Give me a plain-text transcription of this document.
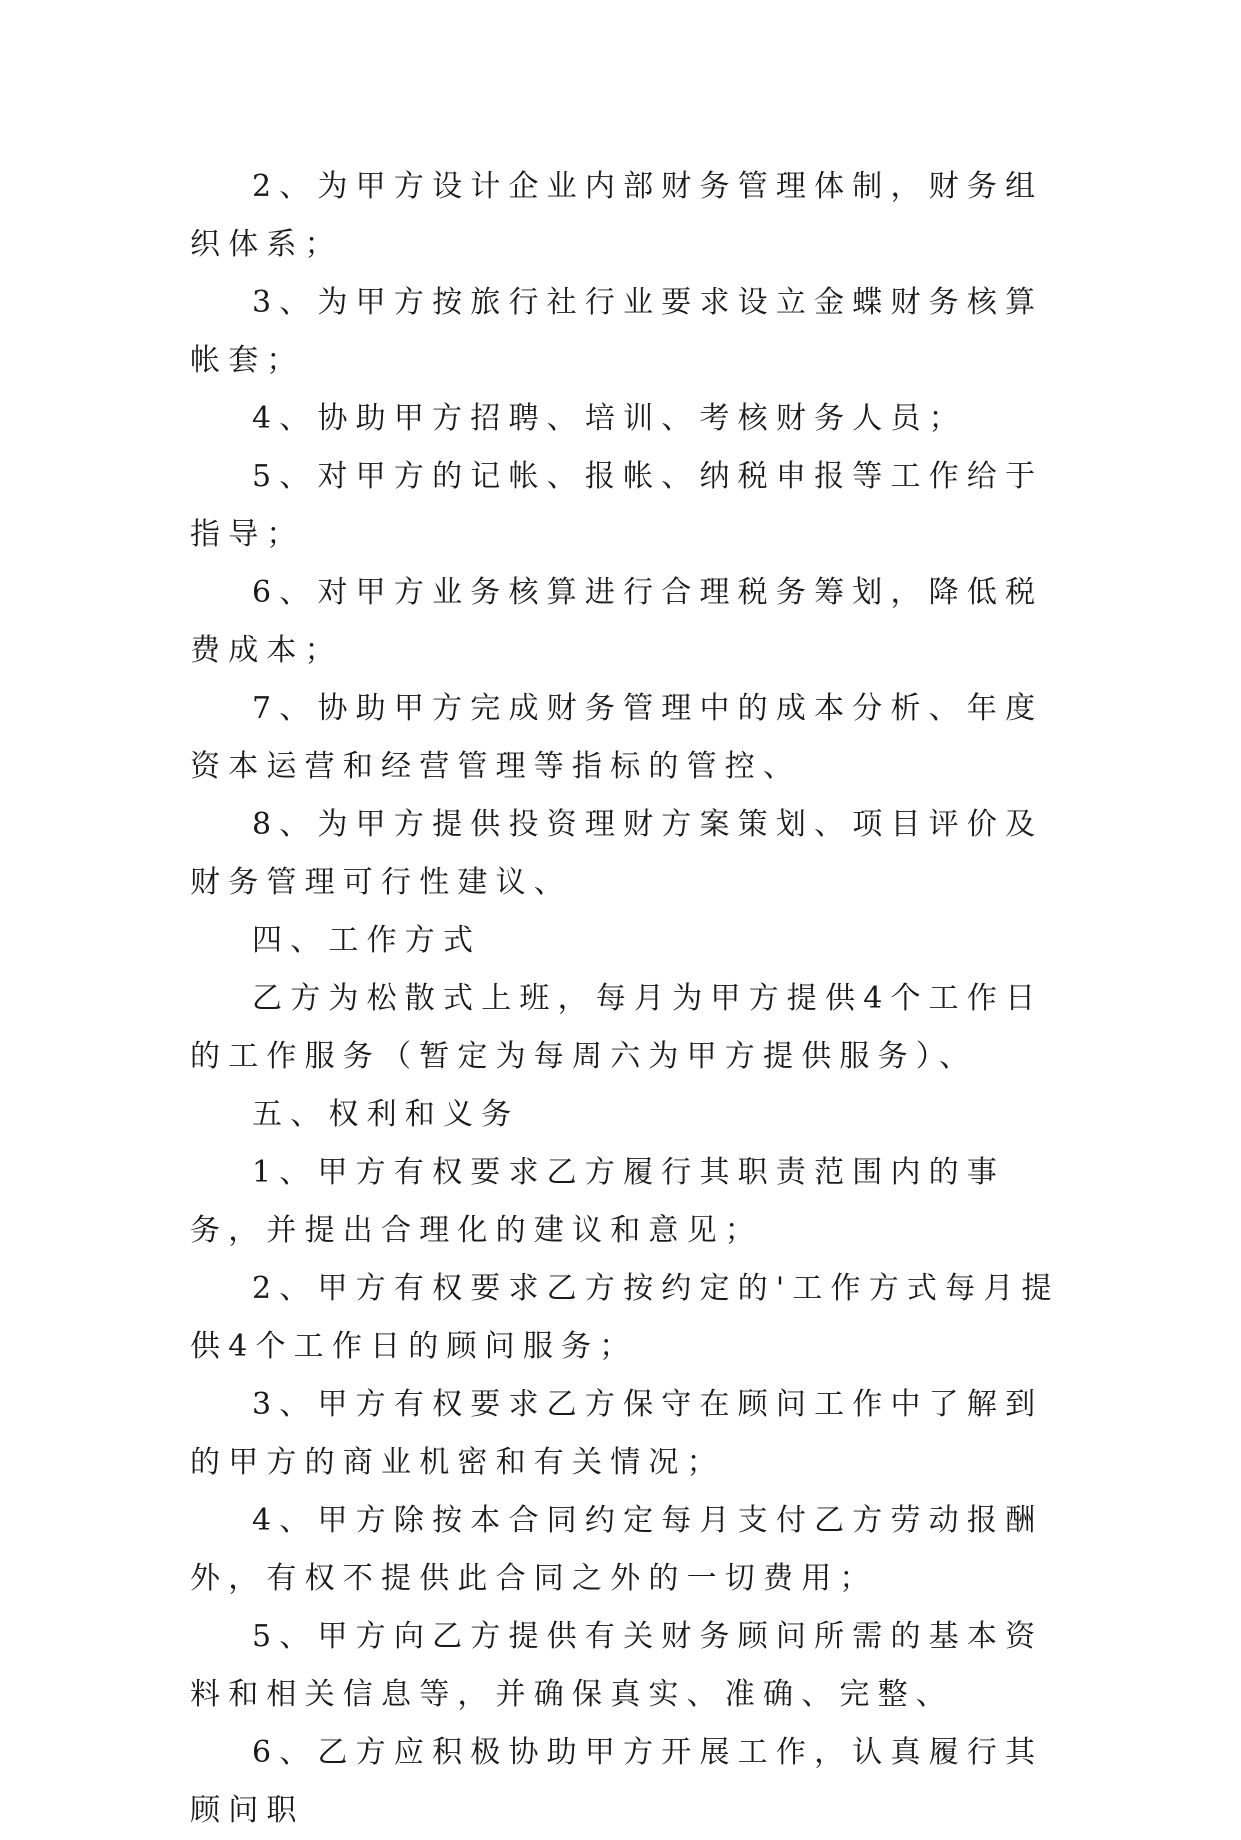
2、为甲方设计企业内部财务管理体制，财务组织体系；

3、为甲方按旅行社行业要求设立金蝶财务核算帐套；

4、协助甲方招聘、培训、考核财务人员；

5、对甲方的记帐、报帐、纳税申报等工作给于指导；

6、对甲方业务核算进行合理税务筹划，降低税费成本；

7、协助甲方完成财务管理中的成本分析、年度资本运营和经营管理等指标的管控、

8、为甲方提供投资理财方案策划、项目评价及财务管理可行性建议、

四、工作方式

乙方为松散式上班，每月为甲方提供4个工作日的工作服务（暂定为每周六为甲方提供服务）、

五、权利和义务

1、甲方有权要求乙方履行其职责范围内的事务，并提出合理化的建议和意见；

2、甲方有权要求乙方按约定的'工作方式每月提供4个工作日的顾问服务；

3、甲方有权要求乙方保守在顾问工作中了解到的甲方的商业机密和有关情况；

4、甲方除按本合同约定每月支付乙方劳动报酬外，有权不提供此合同之外的一切费用；

5、甲方向乙方提供有关财务顾问所需的基本资料和相关信息等，并确保真实、准确、完整、

6、乙方应积极协助甲方开展工作，认真履行其顾问职
